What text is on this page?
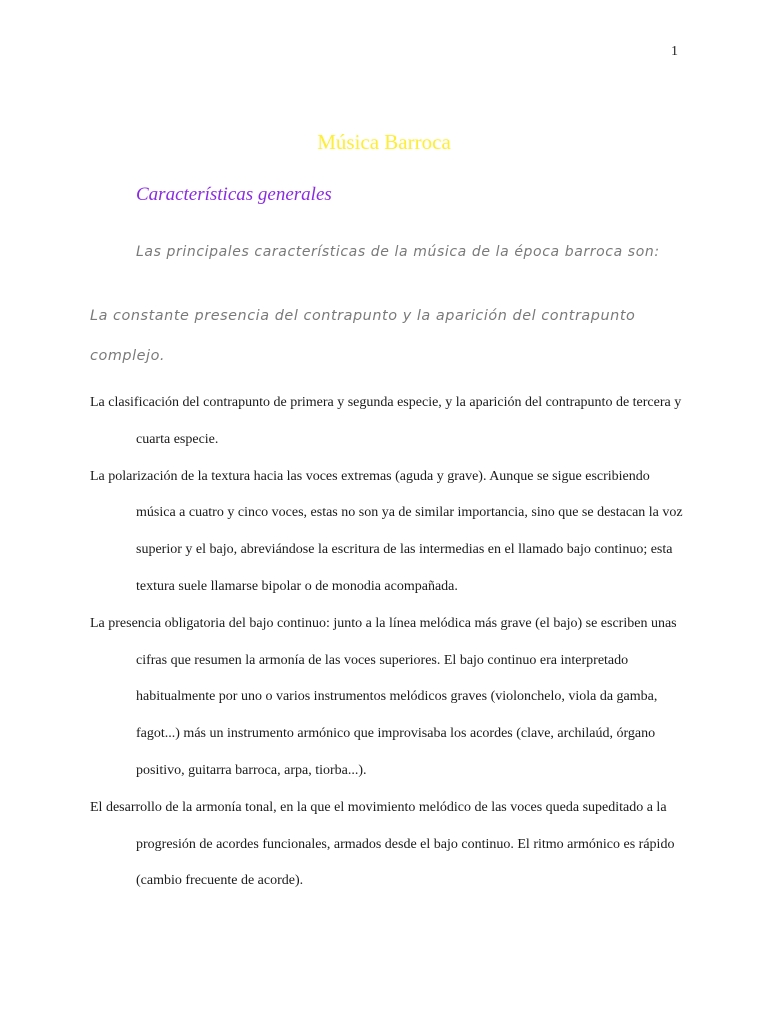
1
Música Barroca
Características generales
Las principales características de la música de la época barroca son:

La constante presencia del contrapunto y la aparición del contrapunto complejo.

La clasificación del contrapunto de primera y segunda especie, y la aparición del contrapunto de tercera y cuarta especie.
La polarización de la textura hacia las voces extremas (aguda y grave). Aunque se sigue escribiendo música a cuatro y cinco voces, estas no son ya de similar importancia, sino que se destacan la voz superior y el bajo, abreviándose la escritura de las intermedias en el llamado bajo continuo; esta textura suele llamarse bipolar o de monodia acompañada.
La presencia obligatoria del bajo continuo: junto a la línea melódica más grave (el bajo) se escriben unas cifras que resumen la armonía de las voces superiores. El bajo continuo era interpretado habitualmente por uno o varios instrumentos melódicos graves (violonchelo, viola da gamba, fagot...) más un instrumento armónico que improvisaba los acordes (clave, archilaúd, órgano positivo, guitarra barroca, arpa, tiorba...).
El desarrollo de la armonía tonal, en la que el movimiento melódico de las voces queda supeditado a la progresión de acordes funcionales, armados desde el bajo continuo. El ritmo armónico es rápido (cambio frecuente de acorde).
